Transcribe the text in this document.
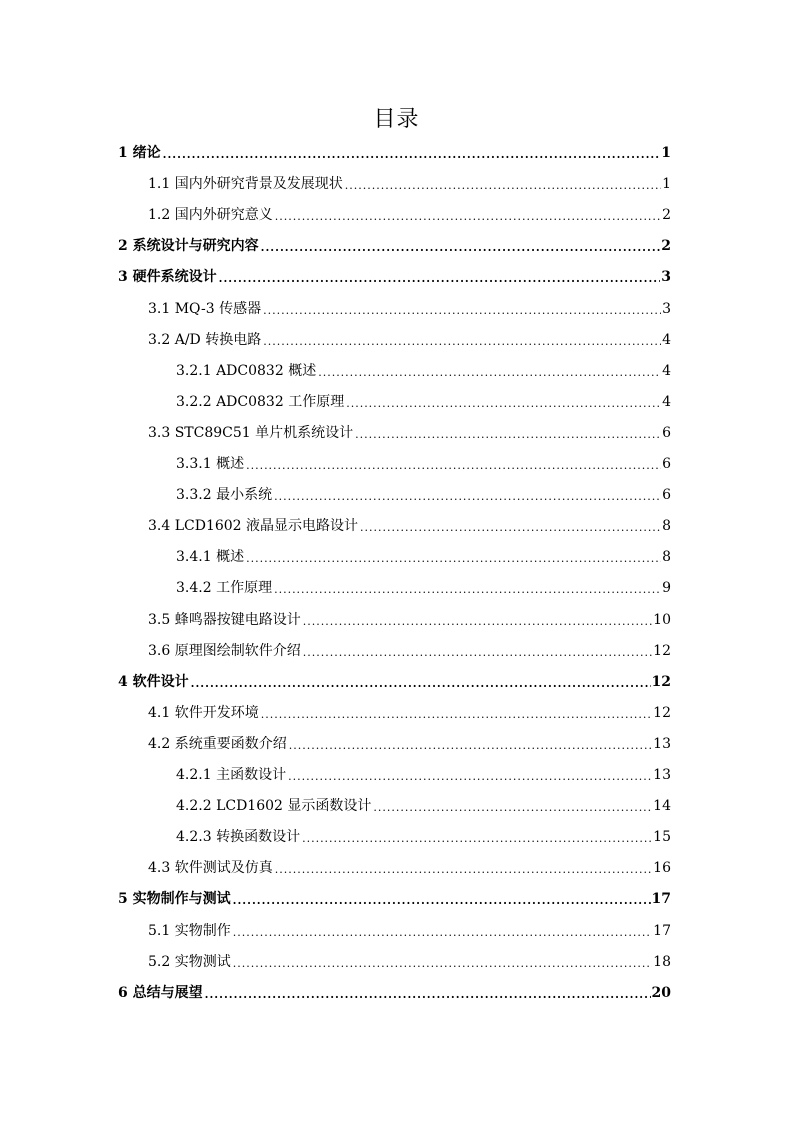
目录
1 绪论 .....	1
1.1 国内外研究背景及发展现状 .....	1
1.2 国内外研究意义 .....	2
2 系统设计与研究内容 .....	2
3 硬件系统设计 .....	3
3.1 MQ-3 传感器 .....	3
3.2 A/D 转换电路 .....	4
3.2.1 ADC0832 概述 .....	4
3.2.2 ADC0832 工作原理 .....	4
3.3 STC89C51 单片机系统设计 .....	6
3.3.1 概述 .....	6
3.3.2 最小系统 .....	6
3.4 LCD1602 液晶显示电路设计 .....	8
3.4.1 概述 .....	8
3.4.2 工作原理 .....	9
3.5 蜂鸣器按键电路设计 .....	10
3.6 原理图绘制软件介绍 .....	12
4 软件设计 .....	12
4.1 软件开发环境 .....	12
4.2 系统重要函数介绍 .....	13
4.2.1 主函数设计 .....	13
4.2.2 LCD1602 显示函数设计 .....	14
4.2.3 转换函数设计 .....	15
4.3 软件测试及仿真 .....	16
5 实物制作与测试 .....	17
5.1 实物制作 .....	17
5.2 实物测试 .....	18
6 总结与展望 .....	20
